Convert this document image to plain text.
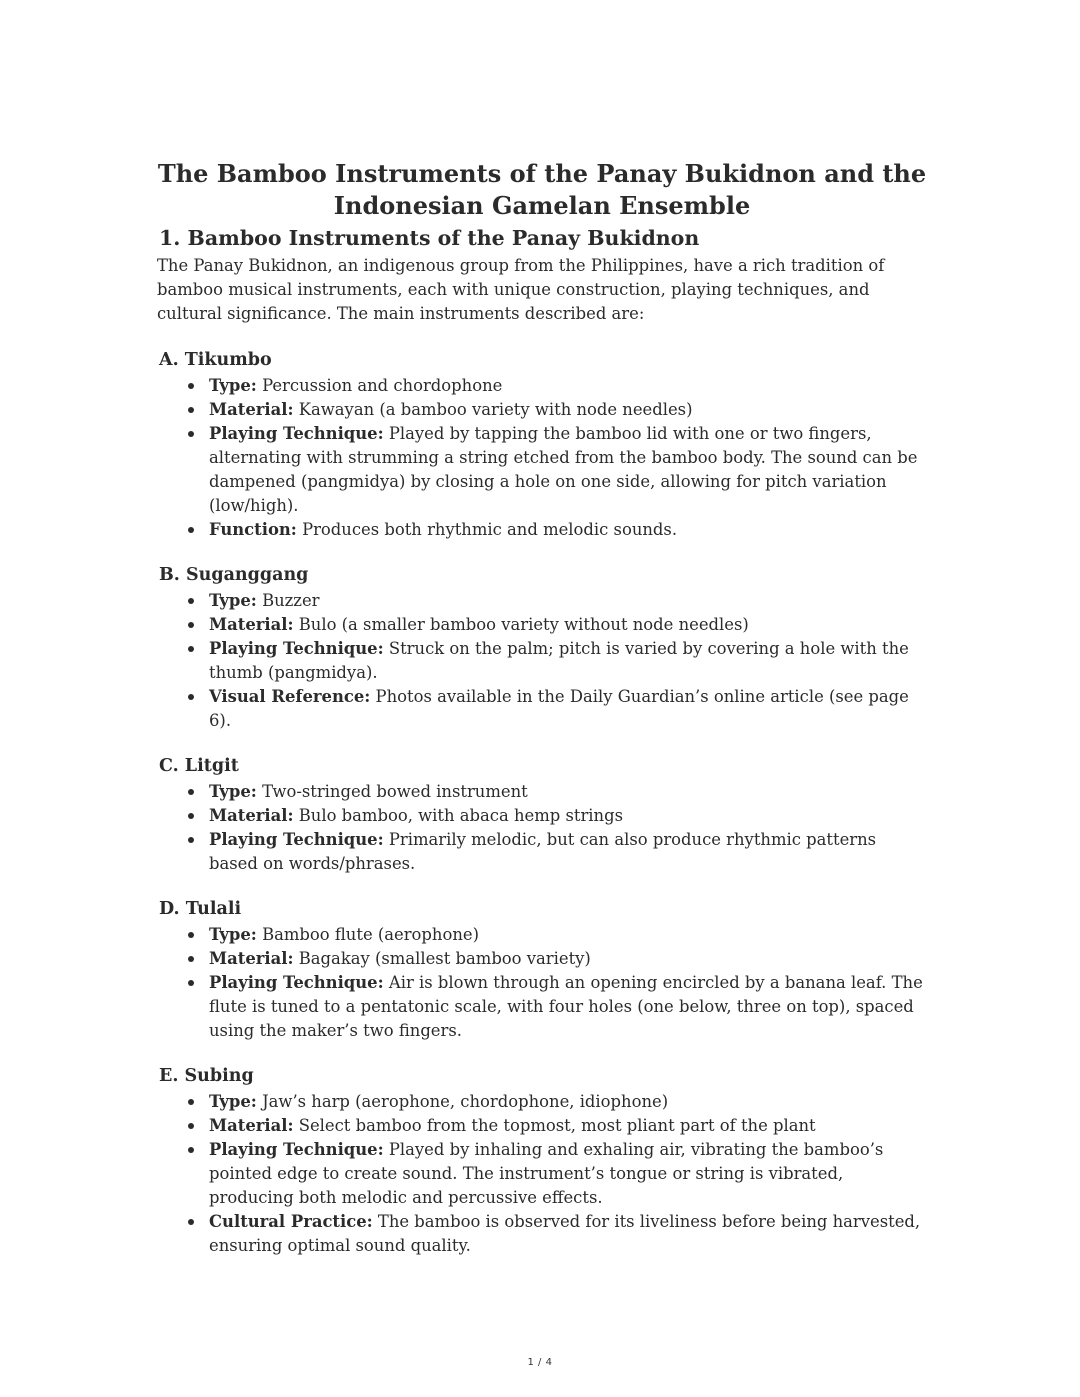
The Bamboo Instruments of the Panay Bukidnon and the Indonesian Gamelan Ensemble
1. Bamboo Instruments of the Panay Bukidnon

The Panay Bukidnon, an indigenous group from the Philippines, have a rich tradition of bamboo musical instruments, each with unique construction, playing techniques, and cultural significance. The main instruments described are:

A. Tikumbo
Type: Percussion and chordophone
Material: Kawayan (a bamboo variety with node needles)
Playing Technique: Played by tapping the bamboo lid with one or two fingers, alternating with strumming a string etched from the bamboo body. The sound can be dampened (pangmidya) by closing a hole on one side, allowing for pitch variation (low/high).
Function: Produces both rhythmic and melodic sounds.
B. Suganggang
Type: Buzzer
Material: Bulo (a smaller bamboo variety without node needles)
Playing Technique: Struck on the palm; pitch is varied by covering a hole with the thumb (pangmidya).
Visual Reference: Photos available in the Daily Guardian’s online article (see page 6).
C. Litgit
Type: Two-stringed bowed instrument
Material: Bulo bamboo, with abaca hemp strings
Playing Technique: Primarily melodic, but can also produce rhythmic patterns based on words/phrases.
D. Tulali
Type: Bamboo flute (aerophone)
Material: Bagakay (smallest bamboo variety)
Playing Technique: Air is blown through an opening encircled by a banana leaf. The flute is tuned to a pentatonic scale, with four holes (one below, three on top), spaced using the maker’s two fingers.
E. Subing
Type: Jaw’s harp (aerophone, chordophone, idiophone)
Material: Select bamboo from the topmost, most pliant part of the plant
Playing Technique: Played by inhaling and exhaling air, vibrating the bamboo’s pointed edge to create sound. The instrument’s tongue or string is vibrated, producing both melodic and percussive effects.
Cultural Practice: The bamboo is observed for its liveliness before being harvested, ensuring optimal sound quality.
1 / 4
